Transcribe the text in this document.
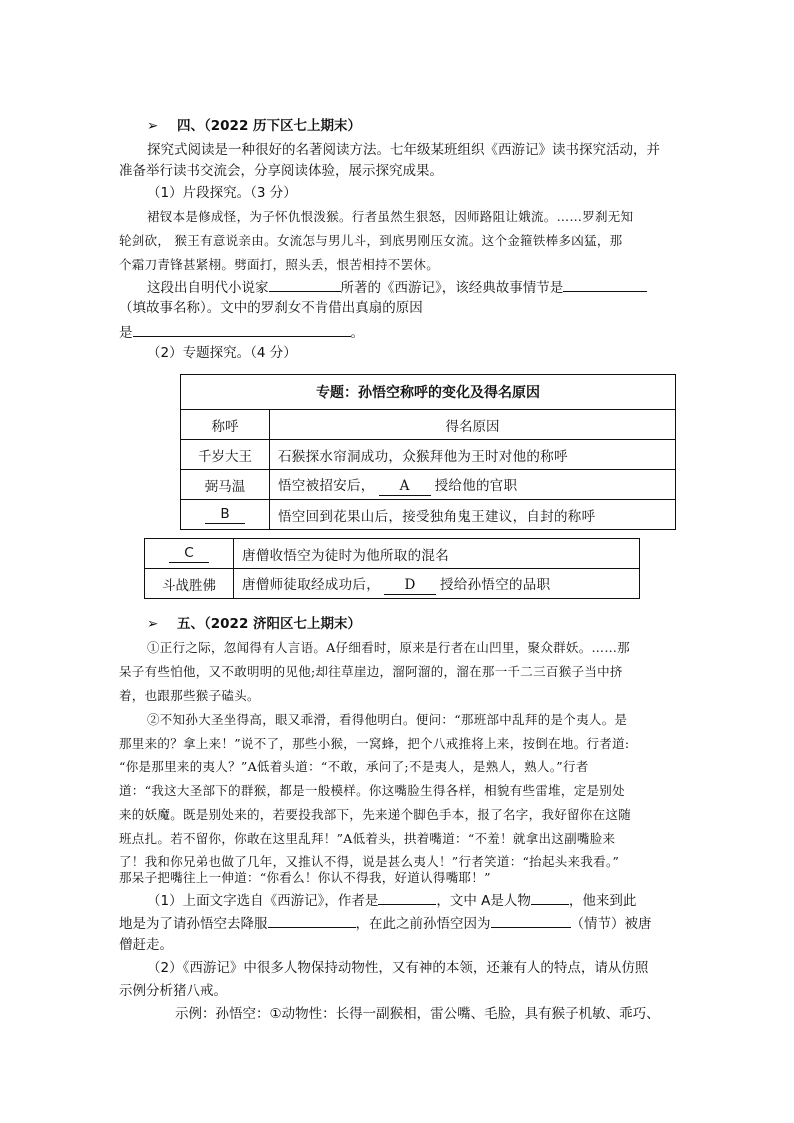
➢ 四、（2022 历下区七上期末）
探究式阅读是一种很好的名著阅读方法。七年级某班组织《西游记》读书探究活动，并
准备举行读书交流会，分享阅读体验，展示探究成果。
（1）片段探究。（3 分）
裙钗本是修成怪，为子怀仇恨泼猴。行者虽然生狠怒，因师路阻让娥流。……罗刹无知
轮剑砍， 猴王有意说亲由。女流怎与男儿斗，到底男刚压女流。这个金箍铁棒多凶猛，那
个霜刀青锋甚紧栩。劈面打，照头丢，恨苦相持不罢休。
这段出自明代小说家	所著的《西游记》，该经典故事情节是
（填故事名称）。文中的罗刹女不肯借出真扇的原因
是	。
（2）专题探究。（4 分）
专题：孙悟空称呼的变化及得名原因	
称呼	得名原因
千岁大王	石猴探水帘洞成功，众猴拜他为王时对他的称呼
弼马温	悟空被招安后， A 授给他的官职
B	悟空回到花果山后，接受独角鬼王建议，自封的称呼
C	唐僧收悟空为徒时为他所取的混名
斗战胜佛	唐僧师徒取经成功后， D 授给孙悟空的品职
➢ 五、（2022 济阳区七上期末）
①正行之际，忽闻得有人言语。A仔细看时，原来是行者在山凹里，聚众群妖。……那
呆子有些怕他，又不敢明明的见他;却往草崖边，溜阿溜的，溜在那一千二三百猴子当中挤
着，也跟那些猴子磕头。
②不知孙大圣坐得高，眼又乖滑，看得他明白。便问：“那班部中乱拜的是个夷人。是
那里来的？拿上来！”说不了，那些小猴，一窝蜂，把个八戒推将上来，按倒在地。行者道:
“你是那里来的夷人？”A低着头道：“不敢，承问了;不是夷人，是熟人，熟人。”行者
道：“我这大圣部下的群猴，都是一般模样。你这嘴脸生得各样，相貌有些雷堆，定是别处
来的妖魔。既是别处来的，若要投我部下，先来递个脚色手本，报了名字，我好留你在这随
班点扎。若不留你，你敢在这里乱拜！”A低着头，拱着嘴道：“不羞！就拿出这副嘴脸来
了！我和你兄弟也做了几年，又推认不得，说是甚么夷人！”行者笑道：“抬起头来我看。”
那呆子把嘴往上一伸道：“你看么！你认不得我，好道认得嘴耶！”
（1）上面文字选自《西游记》，作者是	，文中 A是人物	，他来到此
地是为了请孙悟空去降服	，在此之前孙悟空因为	（情节）被唐
僧赶走。
（2）《西游记》中很多人物保持动物性，又有神的本领，还兼有人的特点，请从仿照
示例分析猪八戒。
示例：孙悟空：①动物性：长得一副猴相，雷公嘴、毛脸，具有猴子机敏、乖巧、
